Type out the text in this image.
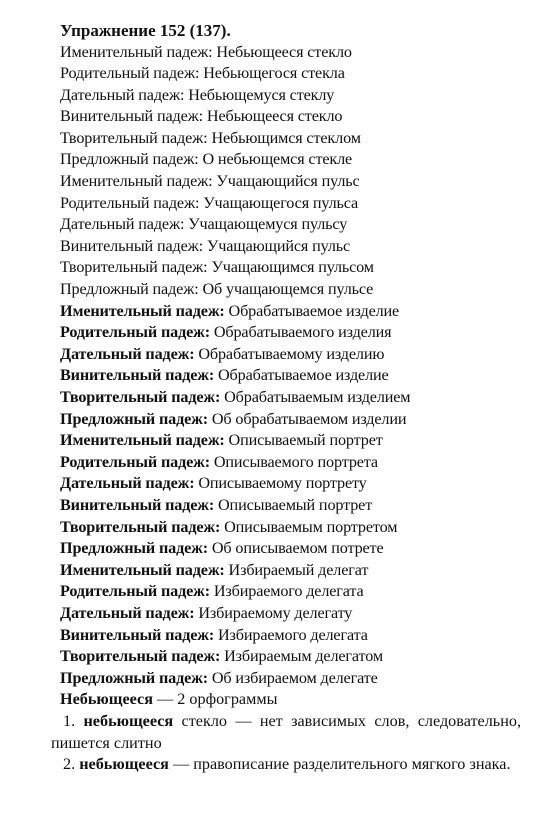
Упражнение 152 (137).
Именительный падеж: Небьющееся стекло
Родительный падеж: Небьющегося стекла
Дательный падеж: Небьющемуся стеклу
Винительный падеж: Небьющееся стекло
Творительный падеж: Небьющимся стеклом
Предложный падеж: О небьющемся стекле
Именительный падеж: Учащающийся пульс
Родительный падеж: Учащающегося пульса
Дательный падеж: Учащающемуся пульсу
Винительный падеж: Учащающийся пульс
Творительный падеж: Учащающимся пульсом
Предложный падеж: Об учащающемся пульсе
Именительный падеж: Обрабатываемое изделие
Родительный падеж: Обрабатываемого изделия
Дательный падеж: Обрабатываемому изделию
Винительный падеж: Обрабатываемое изделие
Творительный падеж: Обрабатываемым изделием
Предложный падеж: Об обрабатываемом изделии
Именительный падеж: Описываемый портрет
Родительный падеж: Описываемого портрета
Дательный падеж: Описываемому портрету
Винительный падеж: Описываемый портрет
Творительный падеж: Описываемым портретом
Предложный падеж: Об описываемом потрете
Именительный падеж: Избираемый делегат
Родительный падеж: Избираемого делегата
Дательный падеж: Избираемому делегату
Винительный падеж: Избираемого делегата
Творительный падеж: Избираемым делегатом
Предложный падеж: Об избираемом делегате
Небьющееся — 2 орфограммы
1. небьющееся стекло — нет зависимых слов, следовательно, пишется слитно
2. небьющееся — правописание разделительного мягкого знака.
